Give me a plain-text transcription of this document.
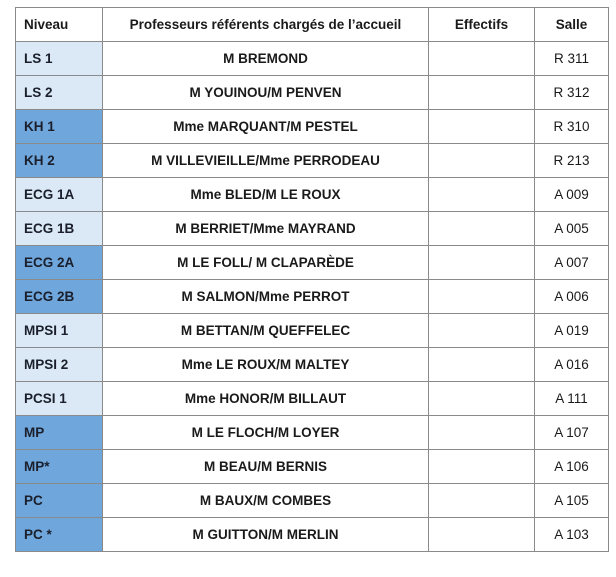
Niveau	Professeurs référents chargés de l’accueil	Effectifs	Salle
LS 1	M BREMOND		R 311
LS 2	M YOUINOU/M PENVEN		R 312
KH 1	Mme MARQUANT/M PESTEL		R 310
KH 2	M VILLEVIEILLE/Mme PERRODEAU		R 213
ECG 1A	Mme BLED/M LE ROUX		A 009
ECG 1B	M BERRIET/Mme MAYRAND		A 005
ECG 2A	M LE FOLL/ M CLAPARÈDE		A 007
ECG 2B	M SALMON/Mme PERROT		A 006
MPSI 1	M BETTAN/M QUEFFELEC		A 019
MPSI 2	Mme LE ROUX/M MALTEY		A 016
PCSI 1	Mme HONOR/M BILLAUT		A 111
MP	M LE FLOCH/M LOYER		A 107
MP*	M BEAU/M BERNIS		A 106
PC	M BAUX/M COMBES		A 105
PC *	M GUITTON/M MERLIN		A 103
